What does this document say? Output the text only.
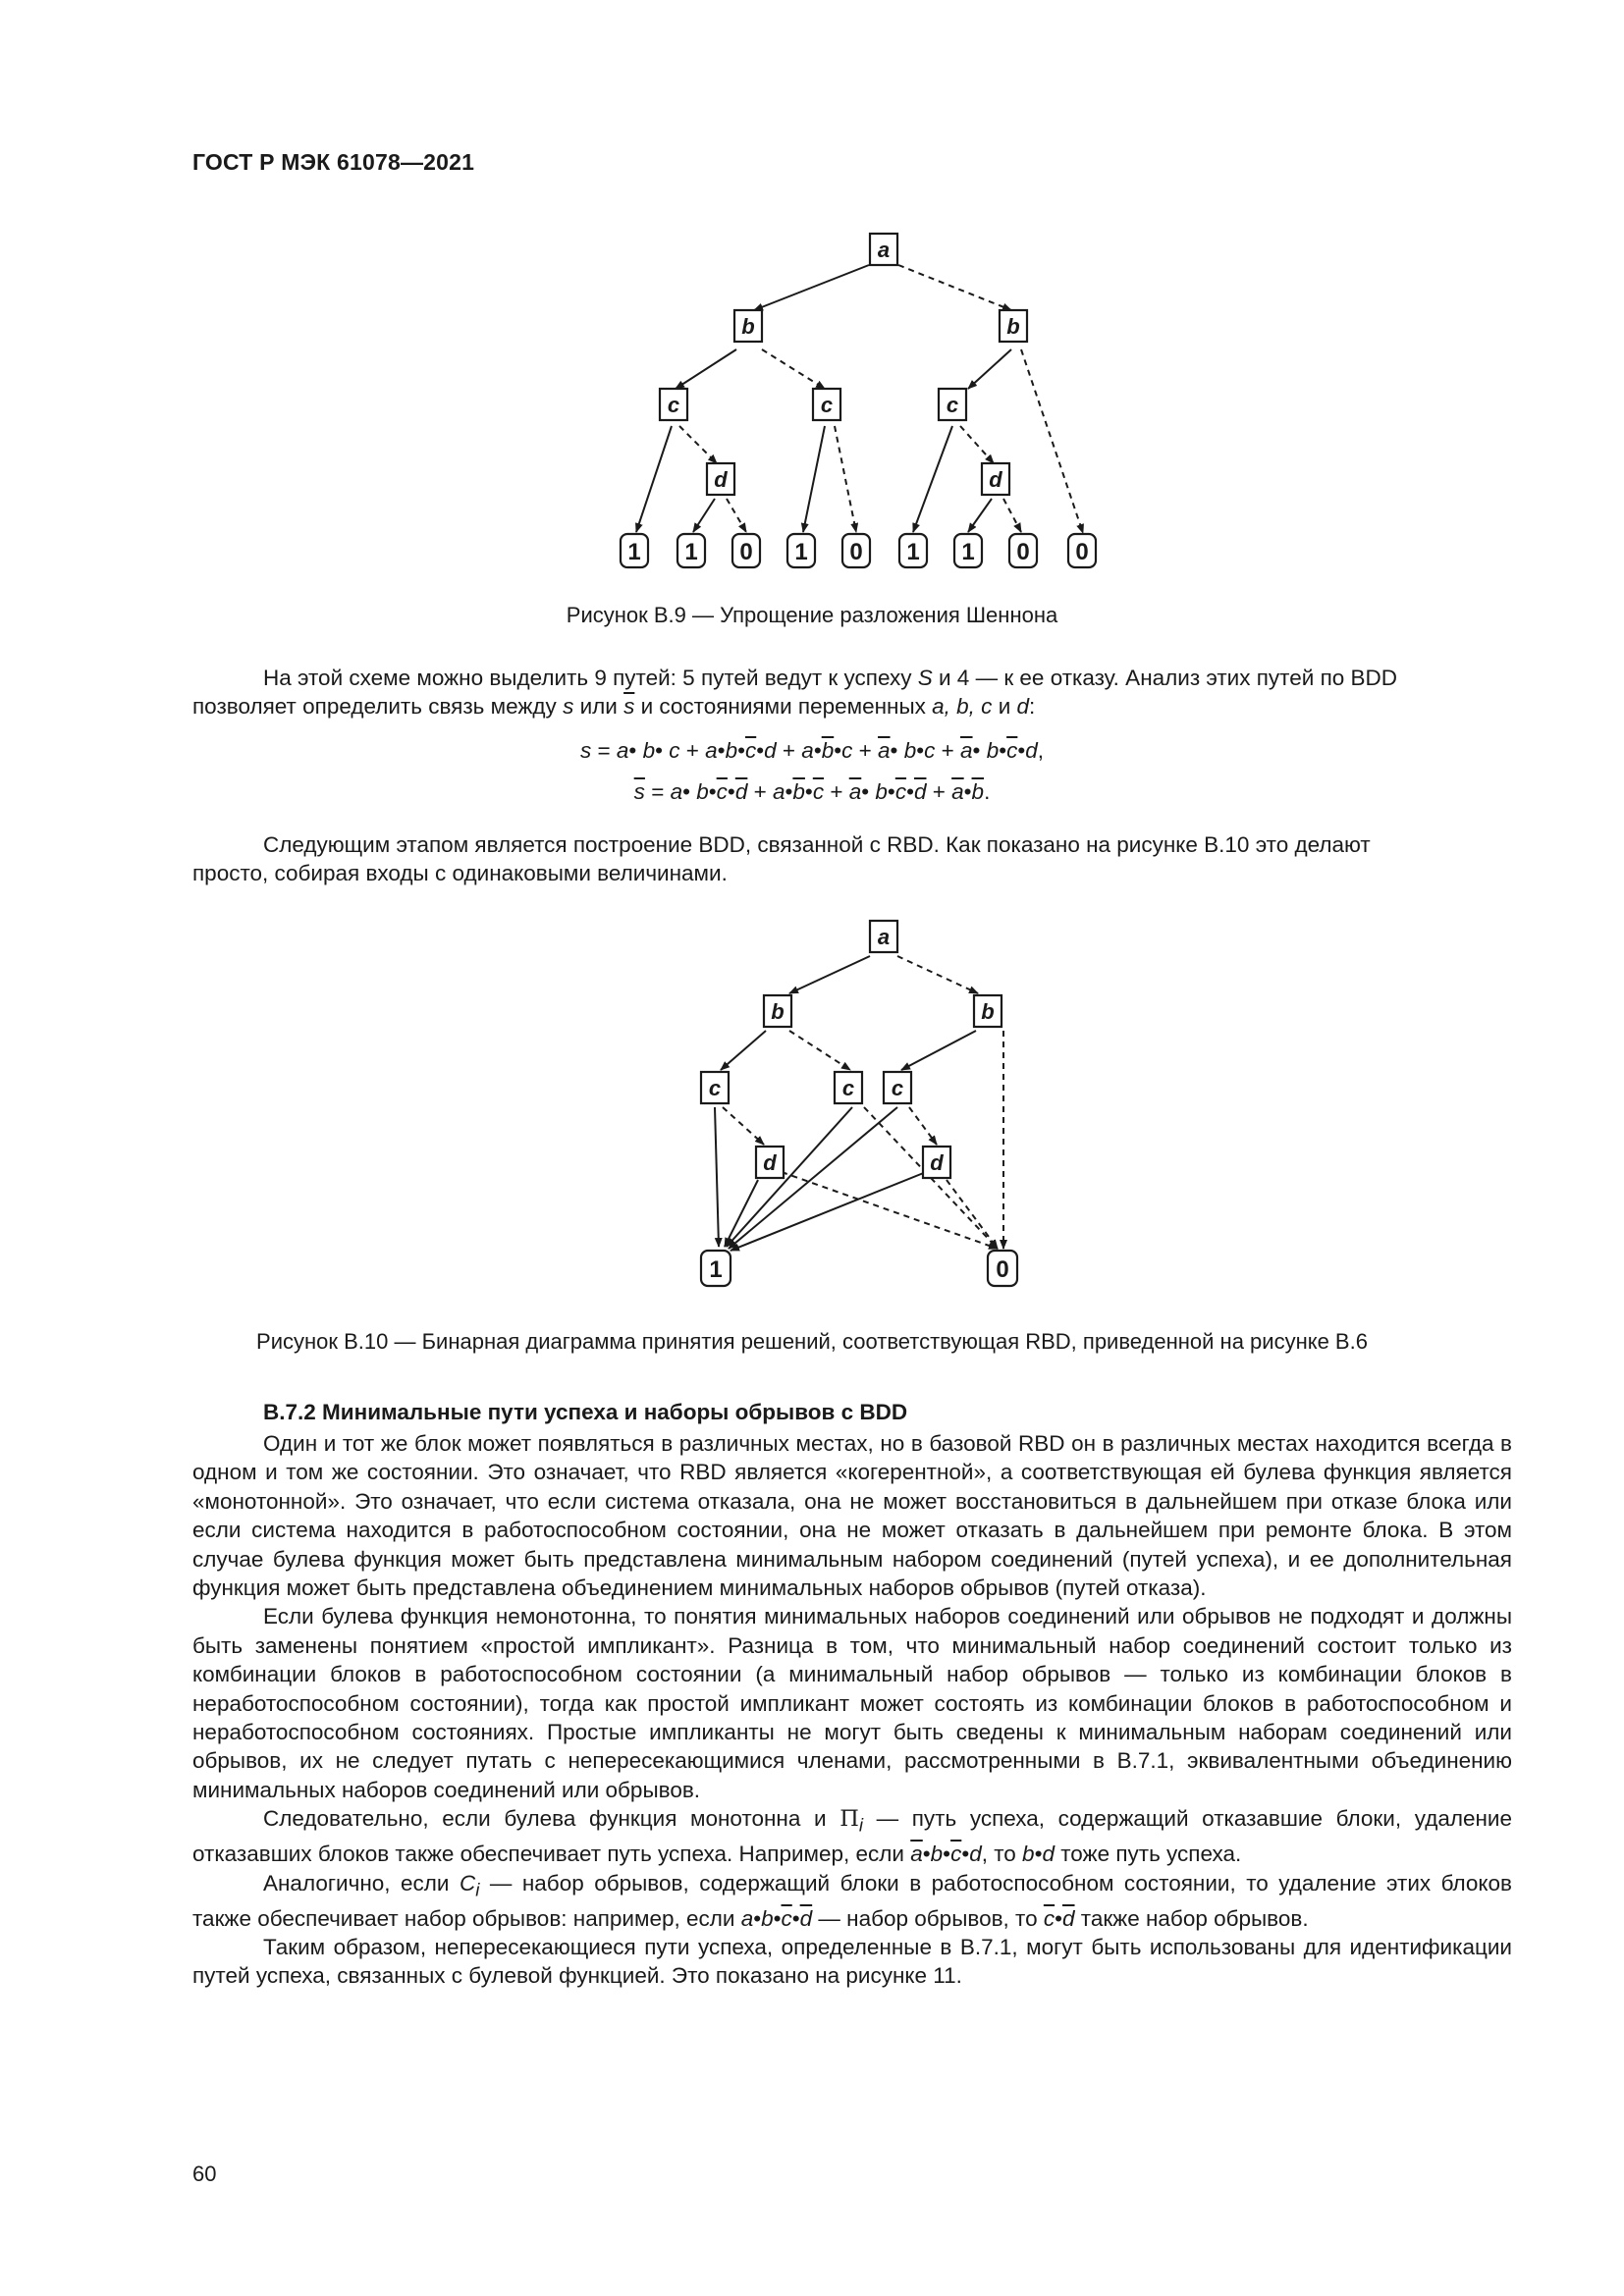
ГОСТ Р МЭК 61078—2021
a
b	b
c	c	c
d	d
1 1 0 1 0 1 1 0 0
Рисунок В.9 — Упрощение разложения Шеннона
На этой схеме можно выделить 9 путей: 5 путей ведут к успеху S и 4 — к ее отказу. Анализ этих путей по BDD
позволяет определить связь между s или $\overline{s}$ и состояниями переменных a, b, c и d:
s = a• b• $c + a•b•\overline{c}•d$ + $a•\overline{b}•c$ + $\overline{a}•$ b•c + $\overline{a}•$ $b•\overline{c}•d$,
$\overline{s}$ = a• $b•\overline{c}•\overline{d}$ + $a•\overline{b}•\overline{c}$ + $\overline{a}•$ $b•\overline{c}•\overline{d}$ + $\overline{a}•\overline{b}$.
Следующим этапом является построение BDD, связанной с RBD. Как показано на рисунке В.10 это делают
просто, собирая входы с одинаковыми величинами.
a
b	b
c	c c
d	d
1	0
Рисунок В.10 — Бинарная диаграмма принятия решений, соответствующая RBD, приведенной на рисунке В.6
В.7.2 Минимальные пути успеха и наборы обрывов с BDD

Один и тот же блок может появляться в различных местах, но в базовой RBD он в различных местах находится всегда в одном и том же состоянии. Это означает, что RBD является «когерентной», а соответствующая ей булева функция является «монотонной». Это означает, что если система отказала, она не может восстановиться в дальнейшем при отказе блока или если система находится в работоспособном состоянии, она не может отказать в дальнейшем при ремонте блока. В этом случае булева функция может быть представлена минимальным набором соединений (путей успеха), и ее дополнительная функция может быть представлена объединением минимальных наборов обрывов (путей отказа).

Если булева функция немонотонна, то понятия минимальных наборов соединений или обрывов не подходят и должны быть заменены понятием «простой импликант». Разница в том, что минимальный набор соединений состоит только из комбинации блоков в работоспособном состоянии (а минимальный набор обрывов — только из комбинации блоков в неработоспособном состоянии), тогда как простой импликант может состоять из комбинации блоков в работоспособном и неработоспособном состояниях. Простые импликанты не могут быть сведены к минимальным наборам соединений или обрывов, их не следует путать с непересекающимися членами, рассмотренными в В.7.1, эквивалентными объединению минимальных наборов соединений или обрывов.

Следовательно, если булева функция монотонна и $\Pi_i$ — путь успеха, содержащий отказавшие блоки, удаление отказавших блоков также обеспечивает путь успеха. Например, если $\overline{a}•b•\overline{c}•d$, то b•d тоже путь успеха.

Аналогично, если $C_i$ — набор обрывов, содержащий блоки в работоспособном состоянии, то удаление этих блоков также обеспечивает набор обрывов: например, если $a•b•\overline{c}•\overline{d}$ — набор обрывов, то $\overline{c}•\overline{d}$ также набор обрывов.

Таким образом, непересекающиеся пути успеха, определенные в В.7.1, могут быть использованы для идентификации путей успеха, связанных с булевой функцией. Это показано на рисунке 11.

60
